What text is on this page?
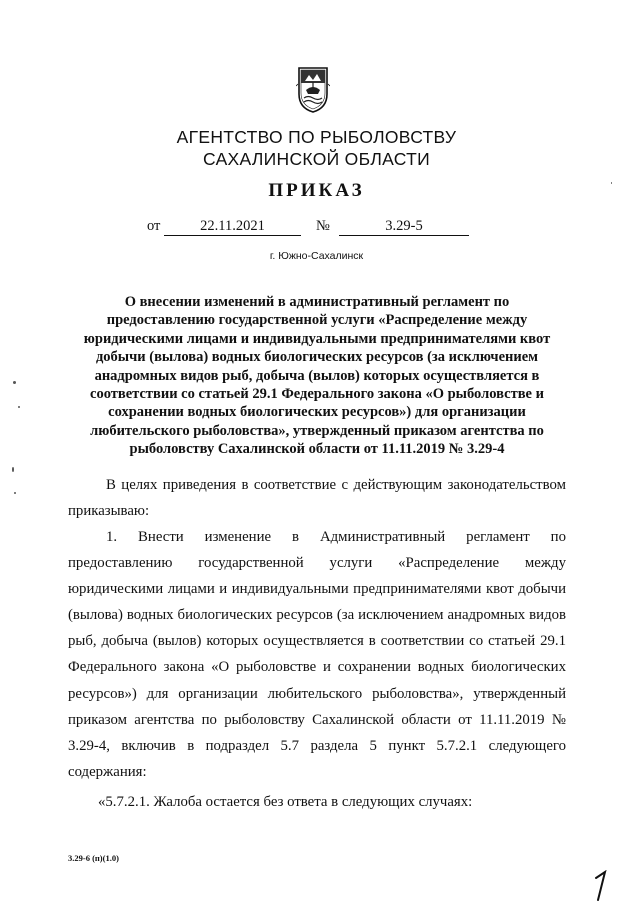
АГЕНТСТВО ПО РЫБОЛОВСТВУ
САХАЛИНСКОЙ ОБЛАСТИ
ПРИКАЗ
от	22.11.2021	№	3.29-5
г. Южно-Сахалинск
О внесении изменений в административный регламент по предоставлению государственной услуги «Распределение между юридическими лицами и индивидуальными предпринимателями квот добычи (вылова) водных биологических ресурсов (за исключением анадромных видов рыб, добыча (вылов) которых осуществляется в соответствии со статьей 29.1 Федерального закона «О рыболовстве и сохранении водных биологических ресурсов») для организации любительского рыболовства», утвержденный приказом агентства по рыболовству Сахалинской области от 11.11.2019 № 3.29-4
В целях приведения в соответствие с действующим законодательством приказываю:
1. Внести изменение в Административный регламент по предоставлению государственной услуги «Распределение между юридическими лицами и индивидуальными предпринимателями квот добычи (вылова) водных биологических ресурсов (за исключением анадромных видов рыб, добыча (вылов) которых осуществляется в соответствии со статьей 29.1 Федерального закона «О рыболовстве и сохранении водных биологических ресурсов») для организации любительского рыболовства», утвержденный приказом агентства по рыболовству Сахалинской области от 11.11.2019 № 3.29-4, включив в подраздел 5.7 раздела 5 пункт 5.7.2.1 следующего содержания:
«5.7.2.1. Жалоба остается без ответа в следующих случаях:
3.29-6 (п)(1.0)
